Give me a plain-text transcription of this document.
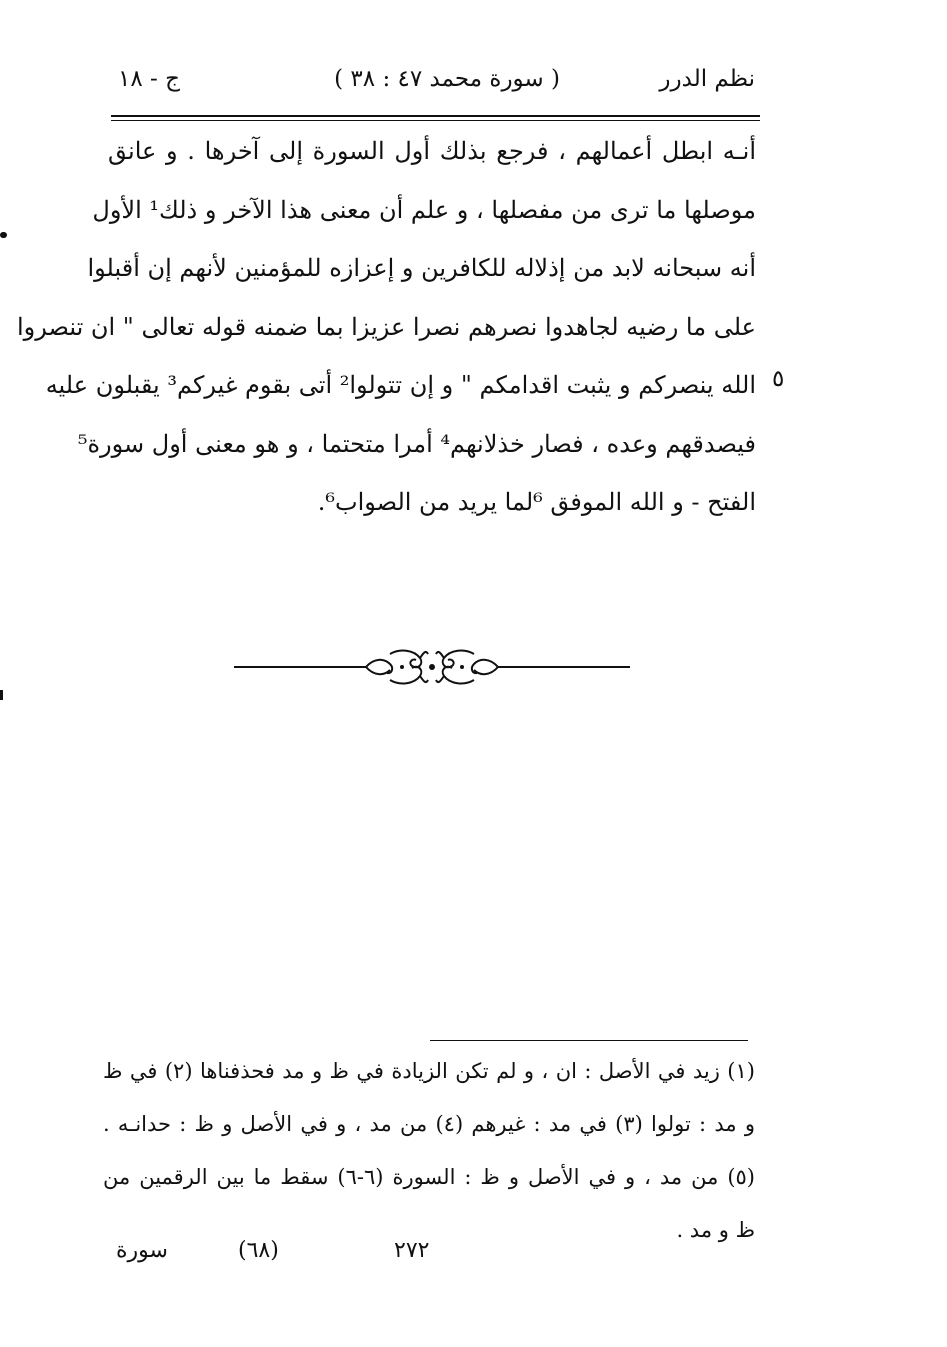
نظم الدرر
( سورة محمد ٤٧ : ٣٨ )
ج - ١٨
أنـه ابطل أعمالهم ، فرجع بذلك أول السورة إلى آخرها . و عانق
موصلها ما ترى من مفصلها ، و علم أن معنى هذا الآخر و ذلك¹ الأول
أنه سبحانه لابد من إذلاله للكافرين و إعزازه للمؤمنين لأنهم إن أقبلوا
على ما رضيه لجاهدوا نصرهم نصرا عزيزا بما ضمنه قوله تعالى " ان تنصروا
الله ينصركم و يثبت اقدامكم " و إن تتولوا² أتى بقوم غيركم³ يقبلون عليه
فيصدقهم وعده ، فصار خذلانهم⁴ أمرا متحتما ، و هو معنى أول سورة⁵
الفتح - و الله الموفق ⁶لما يريد من الصواب⁶.
٥
(١) زيد في الأصل : ان ، و لم تكن الزيادة في ظ و مد فحذفناها (٢) في ظ
و مد : تولوا (٣) في مد : غيرهم (٤) من مد ، و في الأصل و ظ : حدانـه .
(٥) من مد ، و في الأصل و ظ : السورة (٦-٦) سقط ما بين الرقمين من
ظ و مد .
سورة	(٦٨)	٢٧٢
